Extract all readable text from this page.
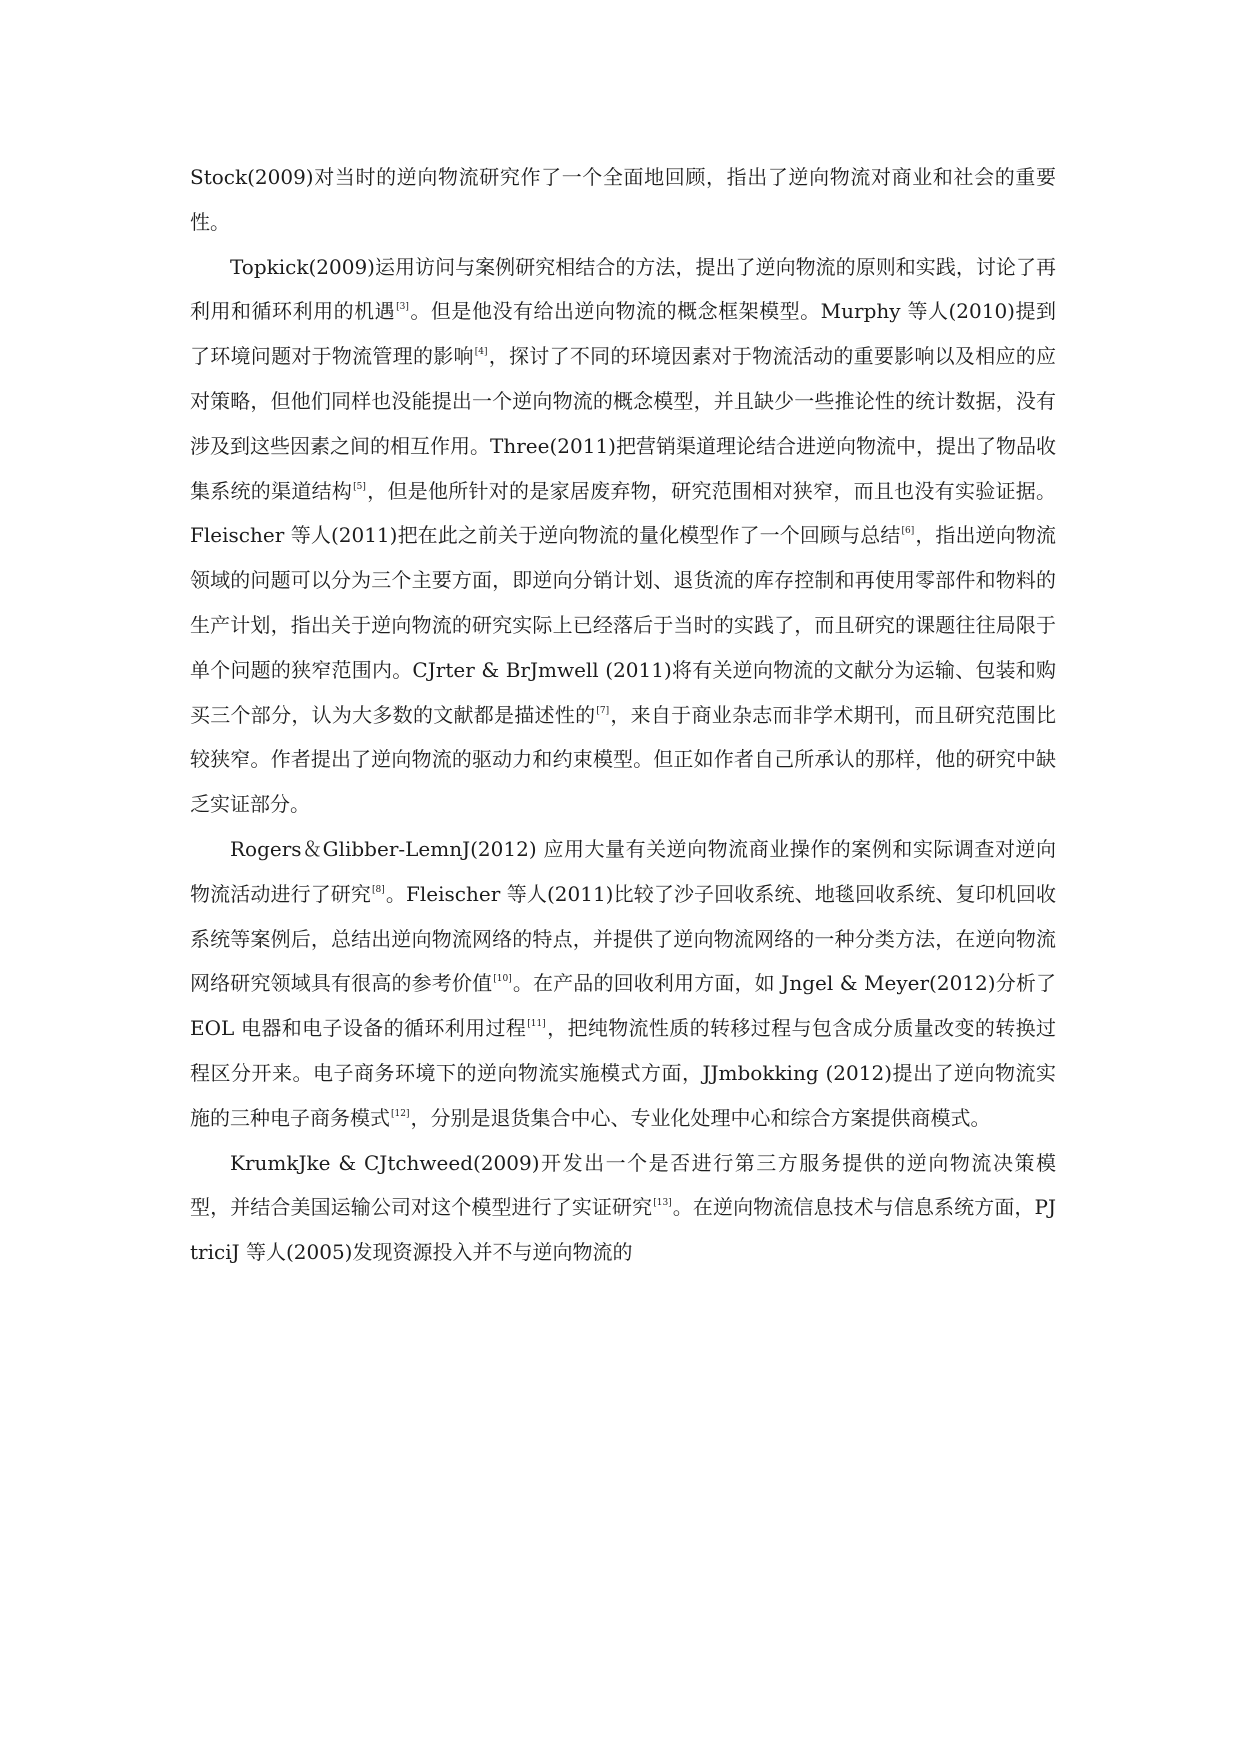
Stock(2009)对当时的逆向物流研究作了一个全面地回顾，指出了逆向物流对商业和社会的重要性。

Topkick(2009)运用访问与案例研究相结合的方法，提出了逆向物流的原则和实践，讨论了再利用和循环利用的机遇[3]。但是他没有给出逆向物流的概念框架模型。Murphy 等人(2010)提到了环境问题对于物流管理的影响[4]，探讨了不同的环境因素对于物流活动的重要影响以及相应的应对策略，但他们同样也没能提出一个逆向物流的概念模型，并且缺少一些推论性的统计数据，没有涉及到这些因素之间的相互作用。Three(2011)把营销渠道理论结合进逆向物流中，提出了物品收集系统的渠道结构[5]，但是他所针对的是家居废弃物，研究范围相对狭窄，而且也没有实验证据。Fleischer 等人(2011)把在此之前关于逆向物流的量化模型作了一个回顾与总结[6]，指出逆向物流领域的问题可以分为三个主要方面，即逆向分销计划、退货流的库存控制和再使用零部件和物料的生产计划，指出关于逆向物流的研究实际上已经落后于当时的实践了，而且研究的课题往往局限于单个问题的狭窄范围内。CJrter & BrJmwell (2011)将有关逆向物流的文献分为运输、包装和购买三个部分，认为大多数的文献都是描述性的[7]，来自于商业杂志而非学术期刊，而且研究范围比较狭窄。作者提出了逆向物流的驱动力和约束模型。但正如作者自己所承认的那样，他的研究中缺乏实证部分。

Rogers＆Glibber-LemnJ(2012) 应用大量有关逆向物流商业操作的案例和实际调查对逆向物流活动进行了研究[8]。Fleischer 等人(2011)比较了沙子回收系统、地毯回收系统、复印机回收系统等案例后，总结出逆向物流网络的特点，并提供了逆向物流网络的一种分类方法，在逆向物流网络研究领域具有很高的参考价值[10]。在产品的回收利用方面，如 Jngel & Meyer(2012)分析了 EOL 电器和电子设备的循环利用过程[11]，把纯物流性质的转移过程与包含成分质量改变的转换过程区分开来。电子商务环境下的逆向物流实施模式方面，JJmbokking (2012)提出了逆向物流实施的三种电子商务模式[12]，分别是退货集合中心、专业化处理中心和综合方案提供商模式。

KrumkJke & CJtchweed(2009)开发出一个是否进行第三方服务提供的逆向物流决策模型，并结合美国运输公司对这个模型进行了实证研究[13]。在逆向物流信息技术与信息系统方面，PJtriciJ 等人(2005)发现资源投入并不与逆向物流的
